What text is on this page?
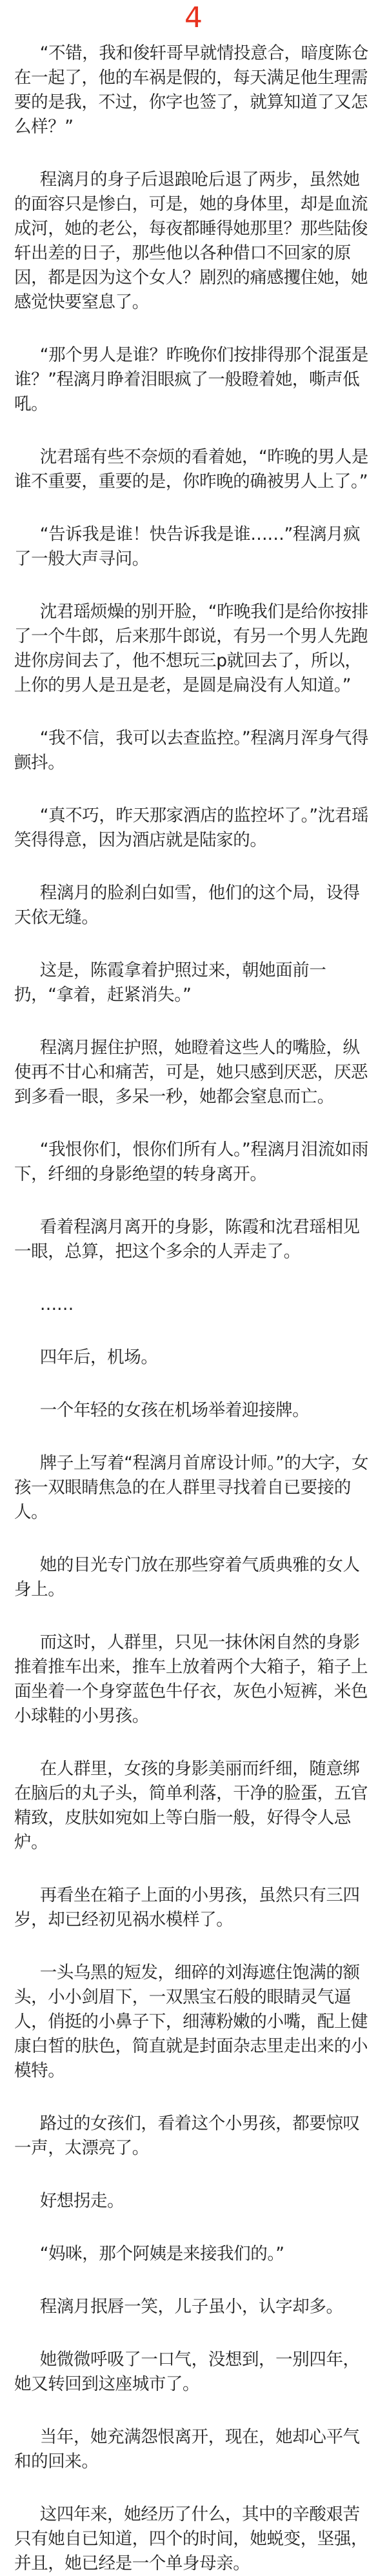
4

“不错，我和俊轩哥早就情投意合，暗度陈仓在一起了，他的车祸是假的，每天满足他生理需要的是我，不过，你字也签了，就算知道了又怎么样？”

程漓月的身子后退踉呛后退了两步，虽然她的面容只是惨白，可是，她的身体里，却是血流成河，她的老公，每夜都睡得她那里？那些陆俊轩出差的日子，那些他以各种借口不回家的原因，都是因为这个女人？剧烈的痛感攫住她，她感觉快要窒息了。

“那个男人是谁？昨晚你们按排得那个混蛋是谁？”程漓月睁着泪眼疯了一般瞪着她，嘶声低吼。

沈君瑶有些不奈烦的看着她，“昨晚的男人是谁不重要，重要的是，你昨晚的确被男人上了。”

“告诉我是谁！快告诉我是谁……”程漓月疯了一般大声寻问。

沈君瑶烦燥的别开脸，“昨晚我们是给你按排了一个牛郎，后来那牛郎说，有另一个男人先跑进你房间去了，他不想玩三p就回去了，所以，上你的男人是丑是老，是圆是扁没有人知道。”

“我不信，我可以去查监控。”程漓月浑身气得颤抖。

“真不巧，昨天那家酒店的监控坏了。”沈君瑶笑得得意，因为酒店就是陆家的。

程漓月的脸刹白如雪，他们的这个局，设得天依无缝。

这是，陈霞拿着护照过来，朝她面前一扔，“拿着，赶紧消失。”

程漓月握住护照，她瞪着这些人的嘴脸，纵使再不甘心和痛苦，可是，她只感到厌恶，厌恶到多看一眼，多呆一秒，她都会窒息而亡。

“我恨你们，恨你们所有人。”程漓月泪流如雨下，纤细的身影绝望的转身离开。

看着程漓月离开的身影，陈霞和沈君瑶相见一眼，总算，把这个多余的人弄走了。

……

四年后，机场。

一个年轻的女孩在机场举着迎接牌。

牌子上写着“程漓月首席设计师。”的大字，女孩一双眼睛焦急的在人群里寻找着自已要接的人。

她的目光专门放在那些穿着气质典雅的女人身上。

而这时，人群里，只见一抹休闲自然的身影推着推车出来，推车上放着两个大箱子，箱子上面坐着一个身穿蓝色牛仔衣，灰色小短裤，米色小球鞋的小男孩。

在人群里，女孩的身影美丽而纤细，随意绑在脑后的丸子头，简单利落，干净的脸蛋，五官精致，皮肤如宛如上等白脂一般，好得令人忌炉。

再看坐在箱子上面的小男孩，虽然只有三四岁，却已经初见祸水模样了。

一头乌黑的短发，细碎的刘海遮住饱满的额头，小小剑眉下，一双黑宝石般的眼睛灵气逼人，俏挺的小鼻子下，细薄粉嫩的小嘴，配上健康白皙的肤色，简直就是封面杂志里走出来的小模特。

路过的女孩们，看着这个小男孩，都要惊叹一声，太漂亮了。

好想拐走。

“妈咪，那个阿姨是来接我们的。”

程漓月抿唇一笑，儿子虽小，认字却多。

她微微呼吸了一口气，没想到，一别四年，她又转回到这座城市了。

当年，她充满怨恨离开，现在，她却心平气和的回来。

这四年来，她经历了什么，其中的辛酸艰苦只有她自已知道，四个的时间，她蜕变，坚强，并且，她已经是一个单身母亲。
